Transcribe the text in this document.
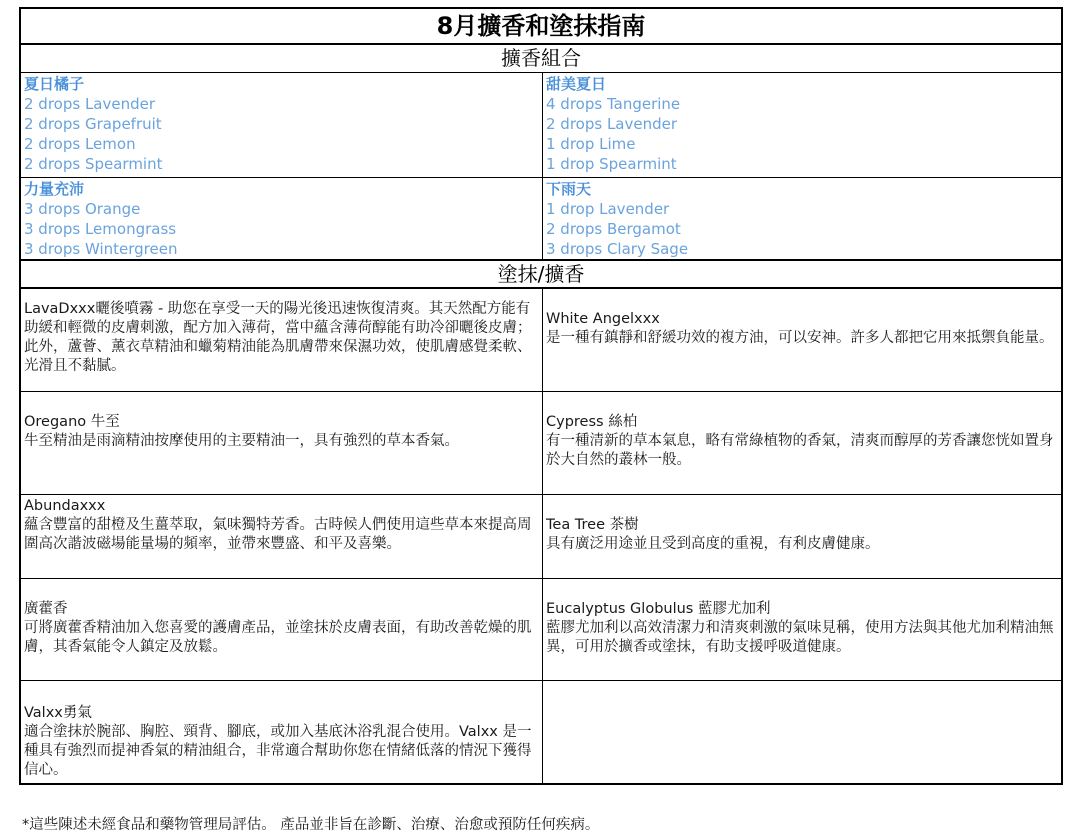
8月擴香和塗抹指南
擴香組合
夏日橘子
2 drops Lavender
2 drops Grapefruit
2 drops Lemon
2 drops Spearmint
甜美夏日
4 drops Tangerine
2 drops Lavender
1 drop Lime
1 drop Spearmint
力量充沛
3 drops Orange
3 drops Lemongrass
3 drops Wintergreen
下雨天
1 drop Lavender
2 drops Bergamot
3 drops Clary Sage
塗抹/擴香
LavaDxxx曬後噴霧 - 助您在享受一天的陽光後迅速恢復清爽。其天然配方能有助緩和輕微的皮膚刺激，配方加入薄荷，當中蘊含薄荷醇能有助冷卻曬後皮膚；此外，蘆薈、薰衣草精油和蠟菊精油能為肌膚帶來保濕功效，使肌膚感覺柔軟、光滑且不黏膩。
White Angelxxx
是一種有鎮靜和舒緩功效的複方油，可以安神。許多人都把它用來抵禦負能量。
Oregano 牛至
牛至精油是雨滴精油按摩使用的主要精油一，具有強烈的草本香氣。
Cypress 絲柏
有一種清新的草本氣息，略有常綠植物的香氣，清爽而醇厚的芳香讓您恍如置身於大自然的叢林一般。
Abundaxxx
蘊含豐富的甜橙及生薑萃取，氣味獨特芳香。古時候人們使用這些草本來提高周圍高次諧波磁場能量場的頻率，並帶來豐盛、和平及喜樂。
Tea Tree 茶樹
具有廣泛用途並且受到高度的重視，有利皮膚健康。
廣藿香
可將廣藿香精油加入您喜愛的護膚產品，並塗抹於皮膚表面，有助改善乾燥的肌膚，其香氣能令人鎮定及放鬆。
Eucalyptus Globulus 藍膠尤加利
藍膠尤加利以高效清潔力和清爽刺激的氣味見稱，使用方法與其他尤加利精油無異，可用於擴香或塗抹，有助支援呼吸道健康。
Valxx勇氣
適合塗抹於腕部、胸腔、頸背、腳底，或加入基底沐浴乳混合使用。Valxx 是一種具有強烈而提神香氣的精油組合，非常適合幫助你您在情緒低落的情況下獲得信心。
*這些陳述未經食品和藥物管理局評估。 產品並非旨在診斷、治療、治愈或預防任何疾病。
